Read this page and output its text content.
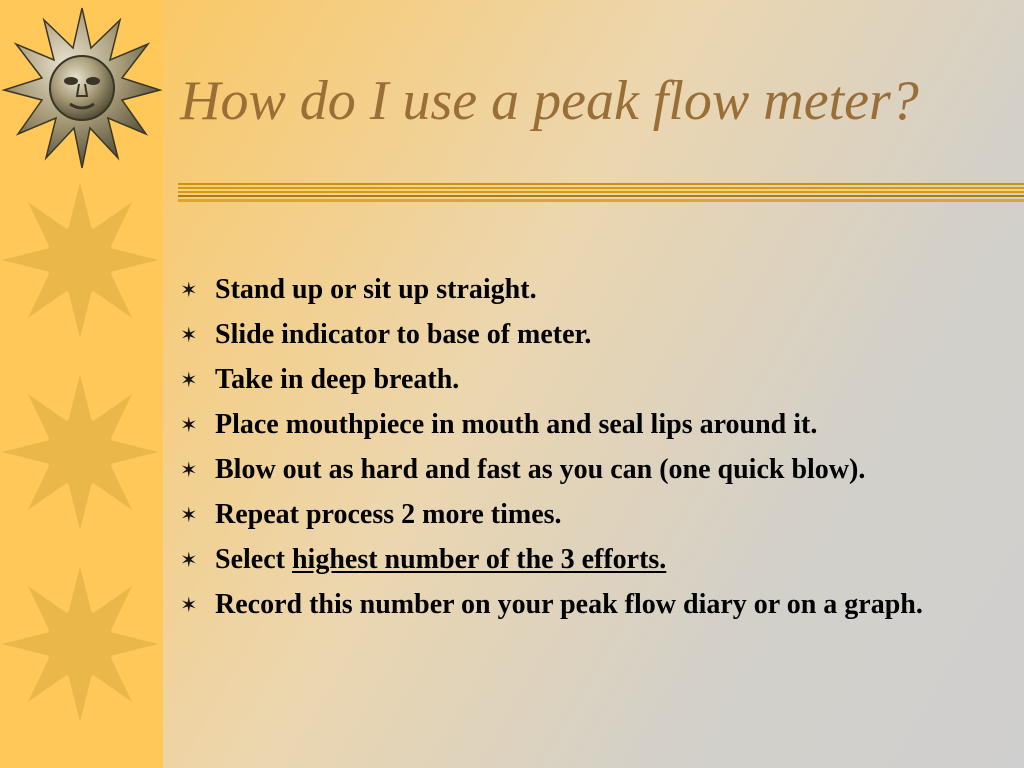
How do I use a peak flow meter?
✶ Stand up or sit up straight.
✶ Slide indicator to base of meter.
✶ Take in deep breath.
✶ Place mouthpiece in mouth and seal lips around it.
✶ Blow out as hard and fast as you can (one quick blow).
✶ Repeat process 2 more times.
✶ Select highest number of the 3 efforts.
✶ Record this number on your peak flow diary or on a graph.
